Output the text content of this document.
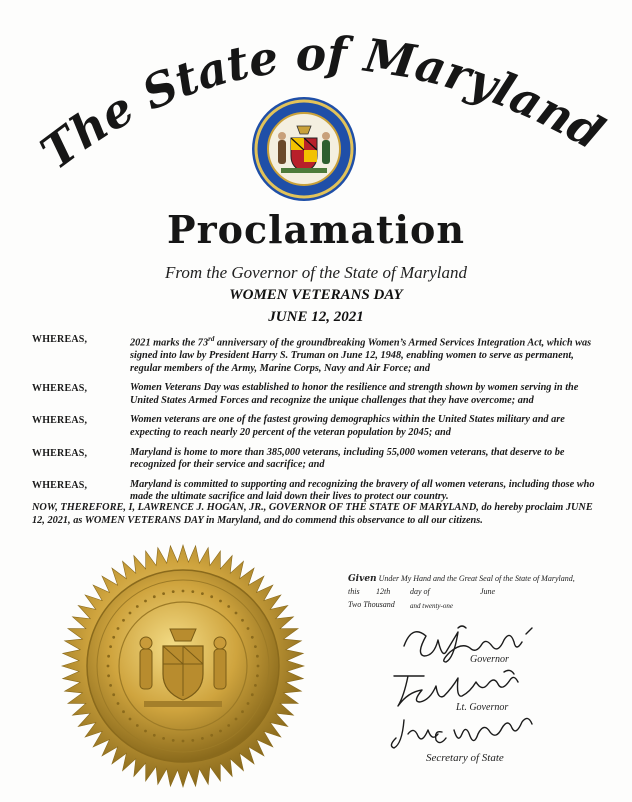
The State of Maryland
Proclamation
From the Governor of the State of Maryland
WOMEN VETERANS DAY
JUNE 12, 2021
WHEREAS,	2021 marks the 73rd anniversary of the groundbreaking Women’s Armed Services Integration Act, which was signed into law by President Harry S. Truman on June 12, 1948, enabling women to serve as permanent, regular members of the Army, Marine Corps, Navy and Air Force; and
WHEREAS,	Women Veterans Day was established to honor the resilience and strength shown by women serving in the United States Armed Forces and recognize the unique challenges that they have overcome; and
WHEREAS,	Women veterans are one of the fastest growing demographics within the United States military and are expecting to reach nearly 20 percent of the veteran population by 2045; and
WHEREAS,	Maryland is home to more than 385,000 veterans, including 55,000 women veterans, that deserve to be recognized for their service and sacrifice; and
WHEREAS,	Maryland is committed to supporting and recognizing the bravery of all women veterans, including those who made the ultimate sacrifice and laid down their lives to protect our country.
NOW, THEREFORE, I, LAWRENCE J. HOGAN, JR., GOVERNOR OF THE STATE OF MARYLAND, do hereby proclaim JUNE 12, 2021, as WOMEN VETERANS DAY in Maryland, and do commend this observance to all our citizens.
Given Under My Hand and the Great Seal of the State of Maryland,
this 12th day of	June
Two Thousand and twenty-one
Governor
Lt. Governor
Secretary of State
